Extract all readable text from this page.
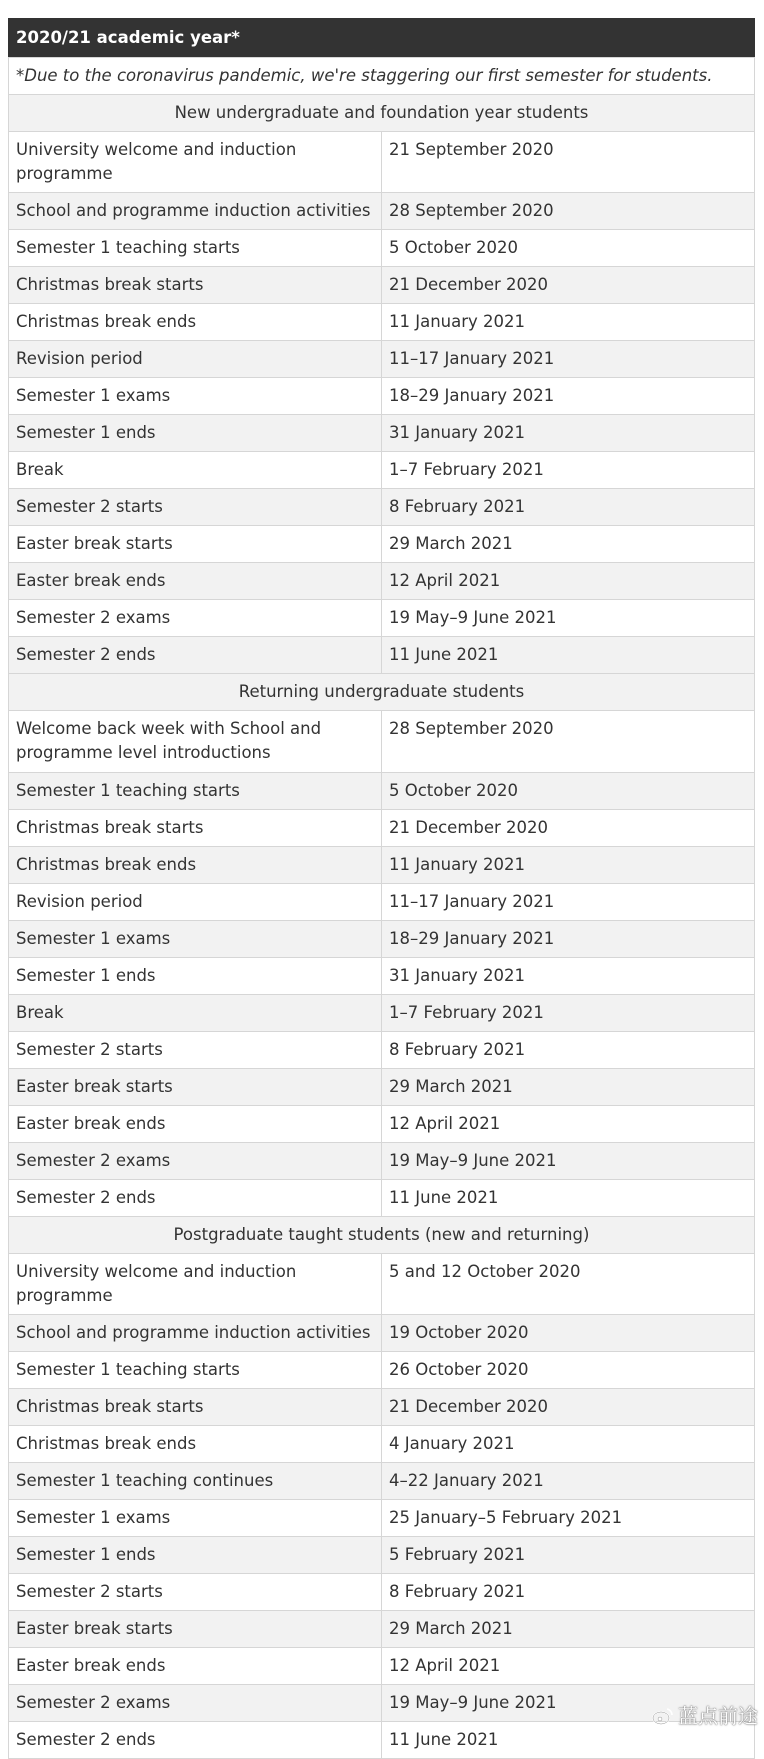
2020/21 academic year*
*Due to the coronavirus pandemic, we're staggering our first semester for students.	
New undergraduate and foundation year students	
University welcome and induction programme	21 September 2020
School and programme induction activities	28 September 2020
Semester 1 teaching starts	5 October 2020
Christmas break starts	21 December 2020
Christmas break ends	11 January 2021
Revision period	11–17 January 2021
Semester 1 exams	18–29 January 2021
Semester 1 ends	31 January 2021
Break	1–7 February 2021
Semester 2 starts	8 February 2021
Easter break starts	29 March 2021
Easter break ends	12 April 2021
Semester 2 exams	19 May–9 June 2021
Semester 2 ends	11 June 2021
Returning undergraduate students	
Welcome back week with School and programme level introductions	28 September 2020
Semester 1 teaching starts	5 October 2020
Christmas break starts	21 December 2020
Christmas break ends	11 January 2021
Revision period	11–17 January 2021
Semester 1 exams	18–29 January 2021
Semester 1 ends	31 January 2021
Break	1–7 February 2021
Semester 2 starts	8 February 2021
Easter break starts	29 March 2021
Easter break ends	12 April 2021
Semester 2 exams	19 May–9 June 2021
Semester 2 ends	11 June 2021
Postgraduate taught students (new and returning)	
University welcome and induction programme	5 and 12 October 2020
School and programme induction activities	19 October 2020
Semester 1 teaching starts	26 October 2020
Christmas break starts	21 December 2020
Christmas break ends	4 January 2021
Semester 1 teaching continues	4–22 January 2021
Semester 1 exams	25 January–5 February 2021
Semester 1 ends	5 February 2021
Semester 2 starts	8 February 2021
Easter break starts	29 March 2021
Easter break ends	12 April 2021
Semester 2 exams	19 May–9 June 2021
Semester 2 ends	11 June 2021
蓝点前途
